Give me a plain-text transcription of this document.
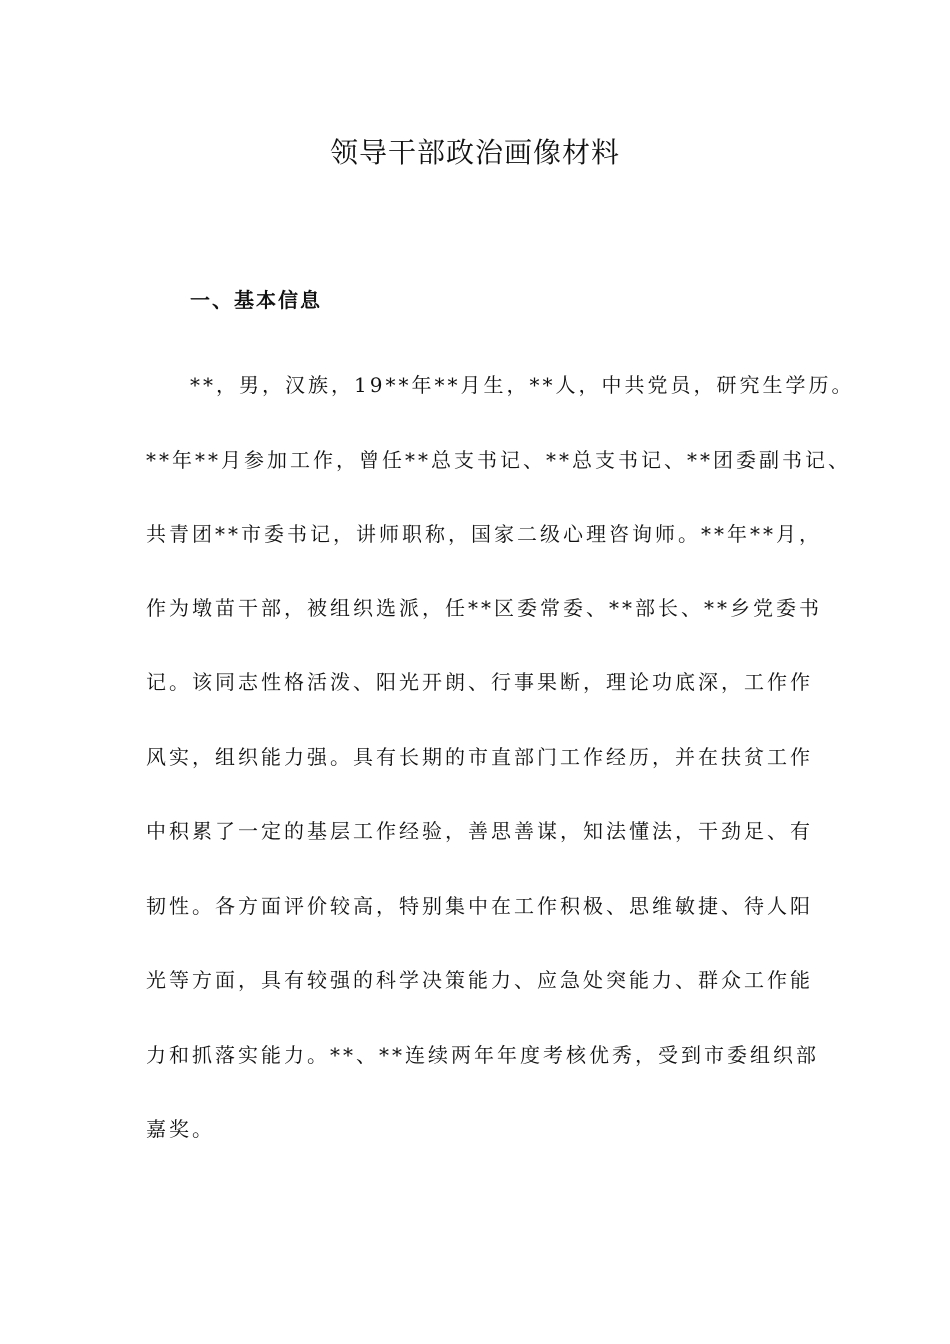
领导干部政治画像材料
一、基本信息
**，男，汉族，19**年**月生，**人，中共党员，研究生学历。
**年**月参加工作，曾任**总支书记、**总支书记、**团委副书记、
共青团**市委书记，讲师职称，国家二级心理咨询师。**年**月，
作为墩苗干部，被组织选派，任**区委常委、**部长、**乡党委书
记。该同志性格活泼、阳光开朗、行事果断，理论功底深，工作作
风实，组织能力强。具有长期的市直部门工作经历，并在扶贫工作
中积累了一定的基层工作经验，善思善谋，知法懂法，干劲足、有
韧性。各方面评价较高，特别集中在工作积极、思维敏捷、待人阳
光等方面，具有较强的科学决策能力、应急处突能力、群众工作能
力和抓落实能力。**、**连续两年年度考核优秀，受到市委组织部
嘉奖。
